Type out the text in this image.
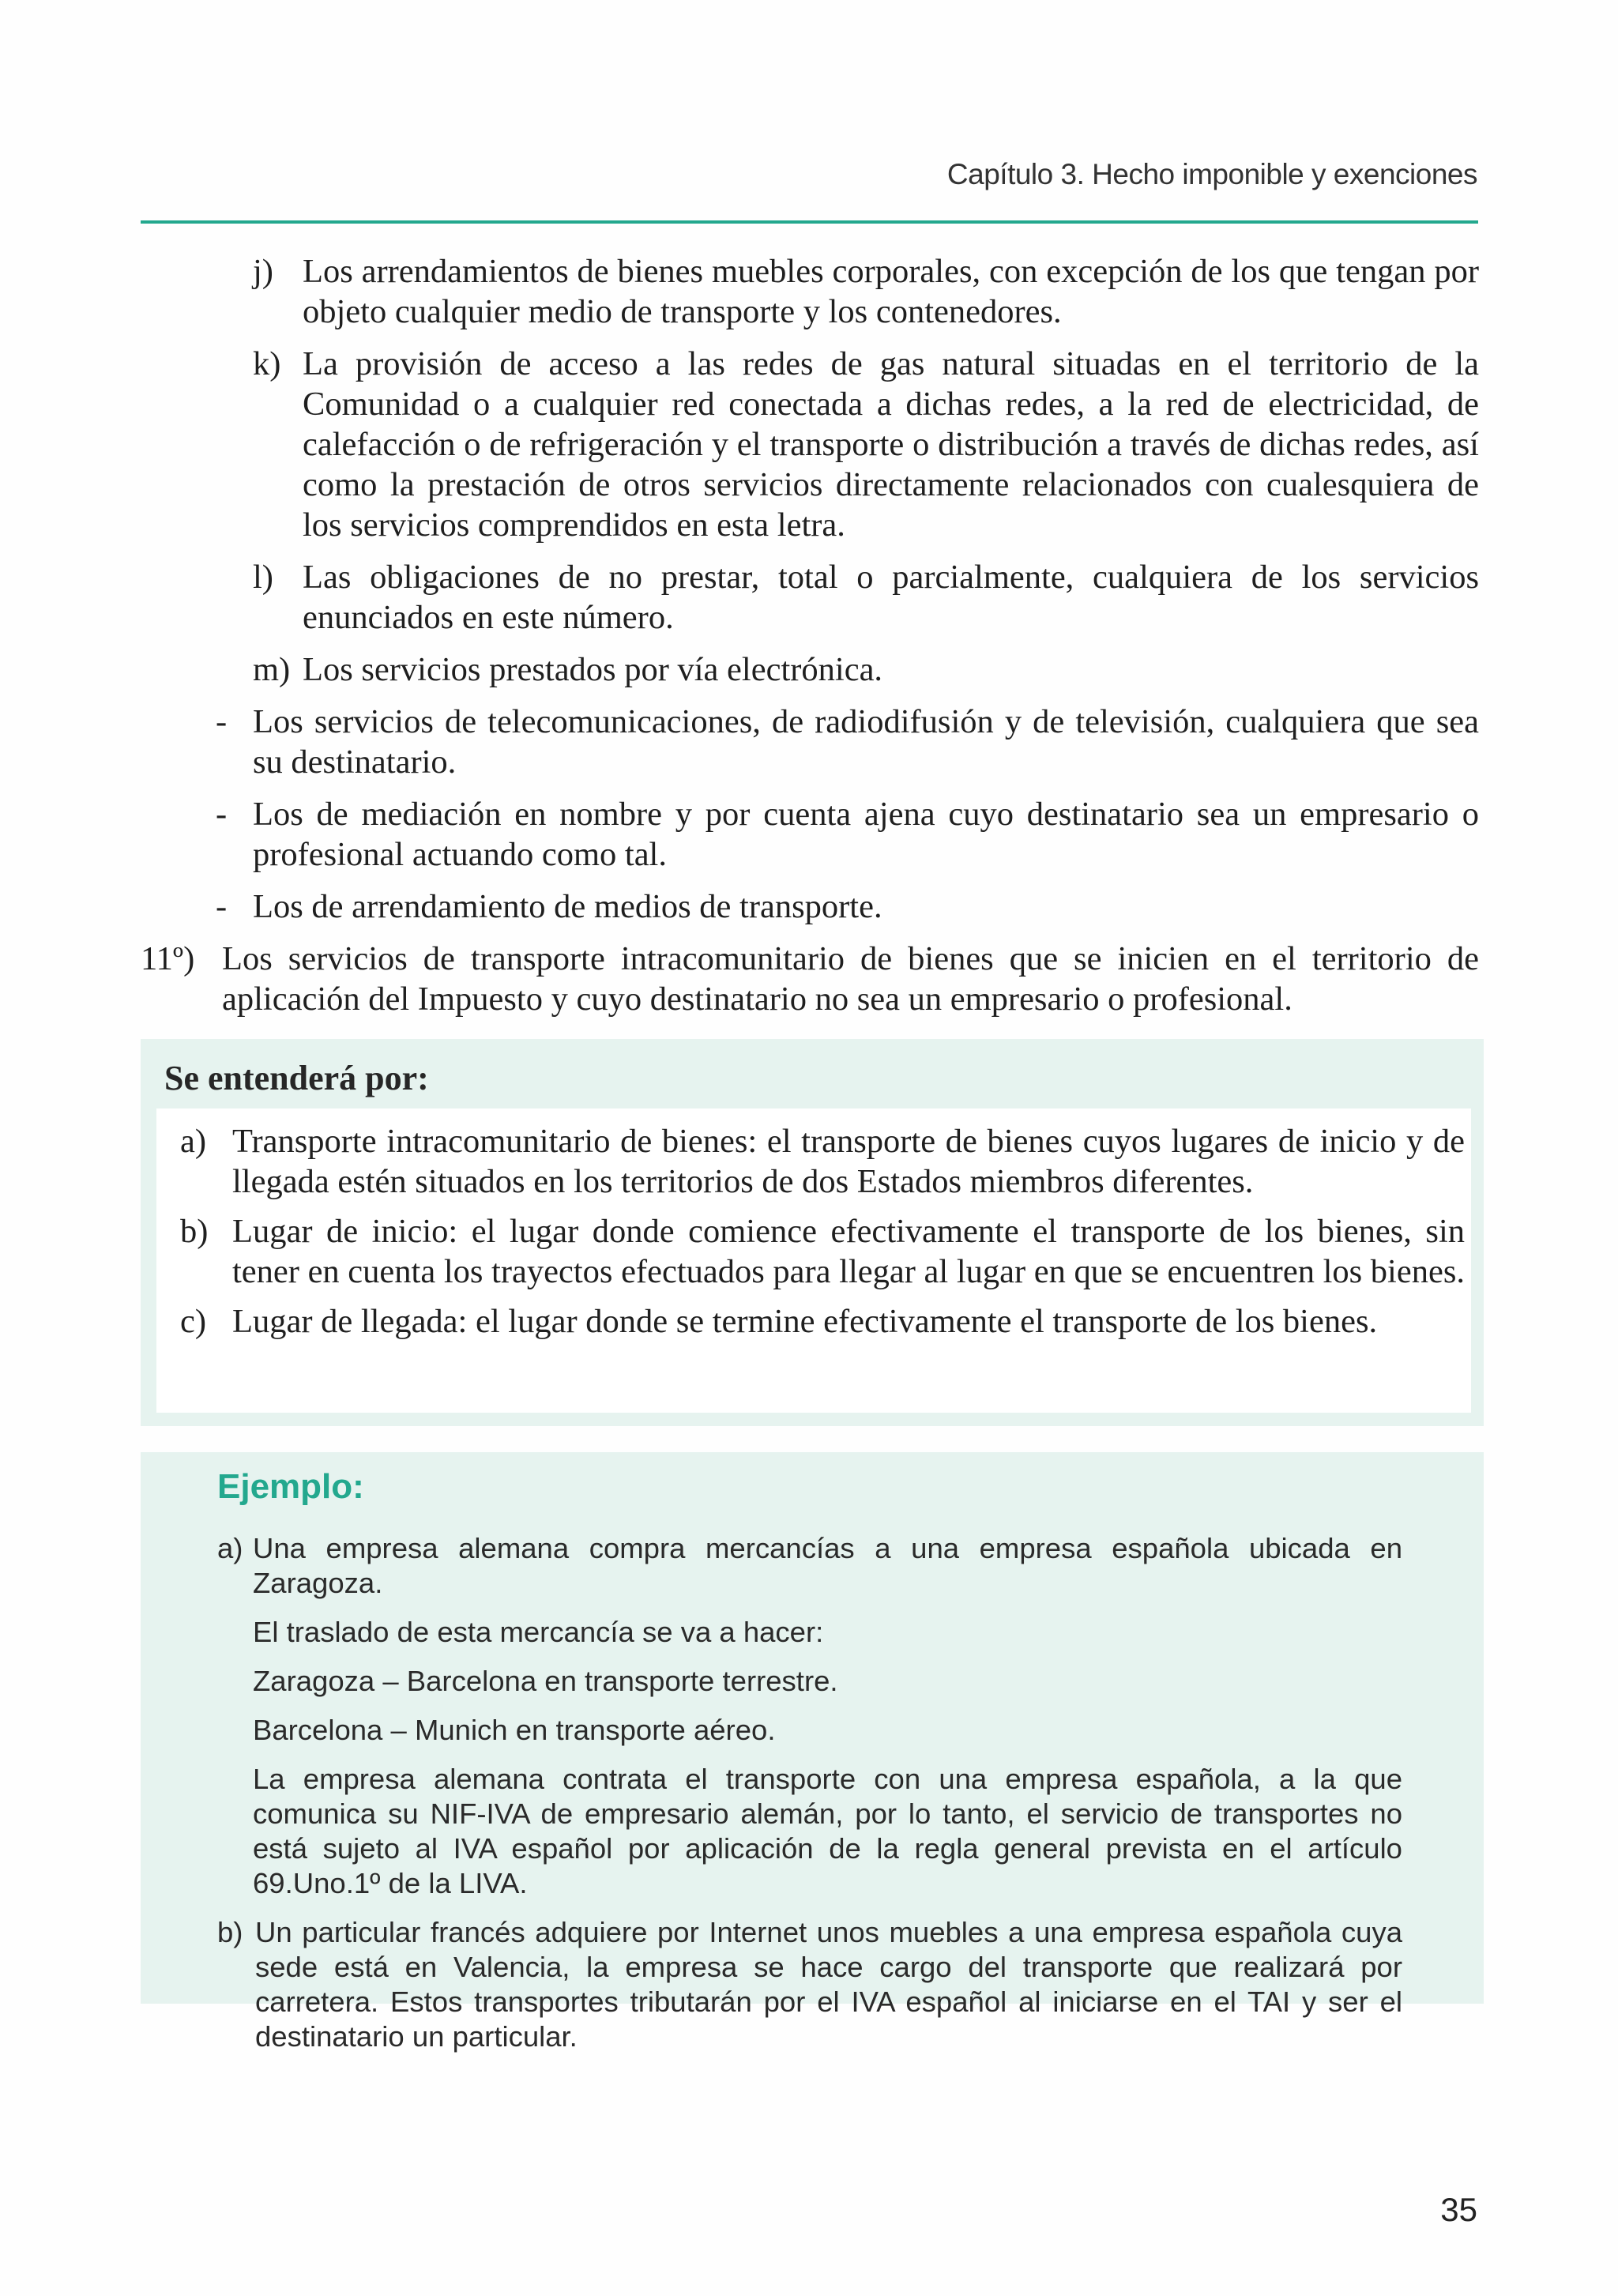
Capítulo 3. Hecho imponible y exenciones
j) Los arrendamientos de bienes muebles corporales, con excepción de los que tengan por objeto cualquier medio de transporte y los contenedores.
k) La provisión de acceso a las redes de gas natural situadas en el territorio de la Comunidad o a cualquier red conectada a dichas redes, a la red de electricidad, de calefacción o de refrigeración y el transporte o distribución a través de dichas redes, así como la prestación de otros servicios directamente relacionados con cualesquiera de los servicios comprendidos en esta letra.
l) Las obligaciones de no prestar, total o parcialmente, cualquiera de los servicios enunciados en este número.
m) Los servicios prestados por vía electrónica.
- Los servicios de telecomunicaciones, de radiodifusión y de televisión, cualquiera que sea su destinatario.
- Los de mediación en nombre y por cuenta ajena cuyo destinatario sea un empresario o profesional actuando como tal.
- Los de arrendamiento de medios de transporte.
11º) Los servicios de transporte intracomunitario de bienes que se inicien en el territorio de aplicación del Impuesto y cuyo destinatario no sea un empresario o profesional.
Se entenderá por:
a) Transporte intracomunitario de bienes: el transporte de bienes cuyos lugares de inicio y de llegada estén situados en los territorios de dos Estados miembros diferentes.
b) Lugar de inicio: el lugar donde comience efectivamente el transporte de los bienes, sin tener en cuenta los trayectos efectuados para llegar al lugar en que se encuentren los bienes.
c) Lugar de llegada: el lugar donde se termine efectivamente el transporte de los bienes.
Ejemplo:
a) Una empresa alemana compra mercancías a una empresa española ubicada en Zaragoza.
El traslado de esta mercancía se va a hacer:
Zaragoza – Barcelona en transporte terrestre.
Barcelona – Munich en transporte aéreo.
La empresa alemana contrata el transporte con una empresa española, a la que comunica su NIF-IVA de empresario alemán, por lo tanto, el servicio de transportes no está sujeto al IVA español por aplicación de la regla general prevista en el artículo 69.Uno.1º de la LIVA.
b) Un particular francés adquiere por Internet unos muebles a una empresa española cuya sede está en Valencia, la empresa se hace cargo del transporte que realizará por carretera. Estos transportes tributarán por el IVA español al iniciarse en el TAI y ser el destinatario un particular.
35
